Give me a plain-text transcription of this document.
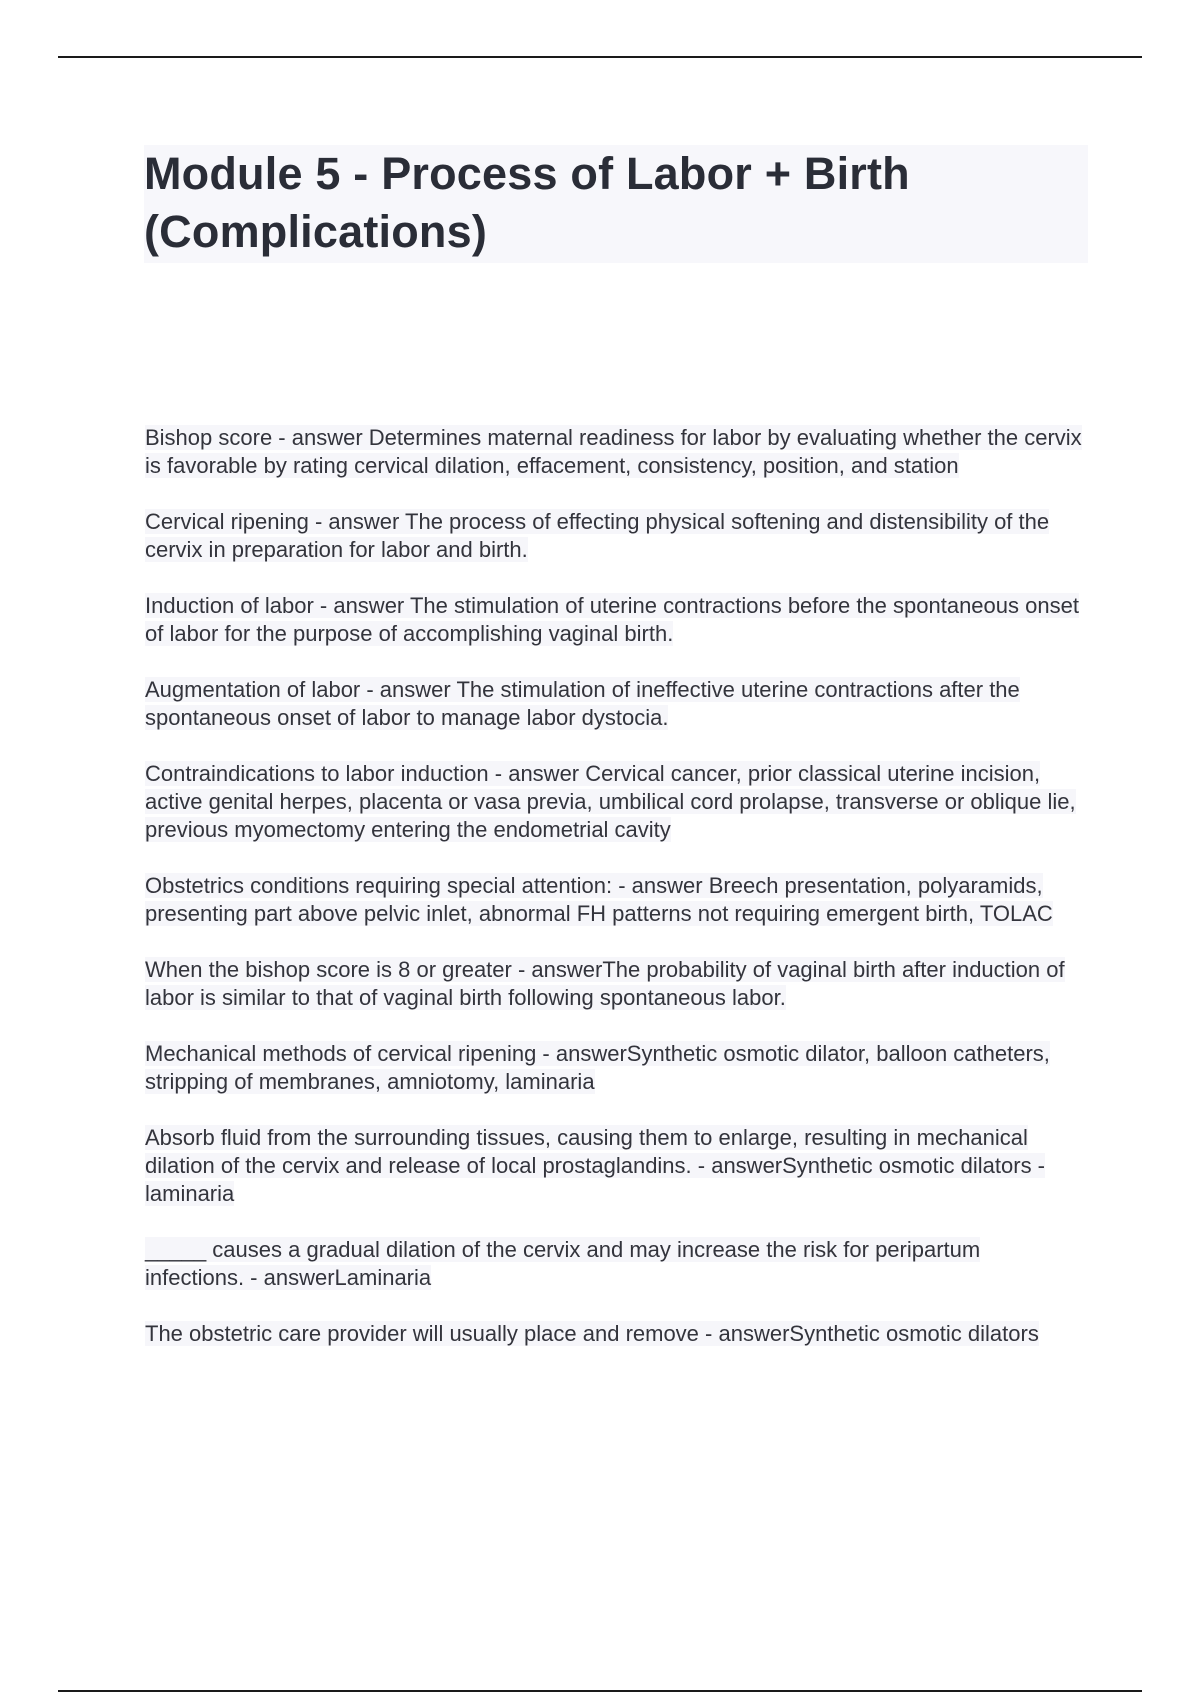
Module 5 - Process of Labor + Birth (Complications)

Bishop score - answer Determines maternal readiness for labor by evaluating whether the cervix is favorable by rating cervical dilation, effacement, consistency, position, and station

Cervical ripening - answer The process of effecting physical softening and distensibility of the cervix in preparation for labor and birth.

Induction of labor - answer The stimulation of uterine contractions before the spontaneous onset of labor for the purpose of accomplishing vaginal birth.

Augmentation of labor - answer The stimulation of ineffective uterine contractions after the spontaneous onset of labor to manage labor dystocia.

Contraindications to labor induction - answer Cervical cancer, prior classical uterine incision, active genital herpes, placenta or vasa previa, umbilical cord prolapse, transverse or oblique lie, previous myomectomy entering the endometrial cavity

Obstetrics conditions requiring special attention: - answer Breech presentation, polyaramids, presenting part above pelvic inlet, abnormal FH patterns not requiring emergent birth, TOLAC

When the bishop score is 8 or greater - answerThe probability of vaginal birth after induction of labor is similar to that of vaginal birth following spontaneous labor.

Mechanical methods of cervical ripening - answerSynthetic osmotic dilator, balloon catheters, stripping of membranes, amniotomy, laminaria

Absorb fluid from the surrounding tissues, causing them to enlarge, resulting in mechanical dilation of the cervix and release of local prostaglandins. - answerSynthetic osmotic dilators - laminaria

_____ causes a gradual dilation of the cervix and may increase the risk for peripartum infections. - answerLaminaria

The obstetric care provider will usually place and remove - answerSynthetic osmotic dilators
